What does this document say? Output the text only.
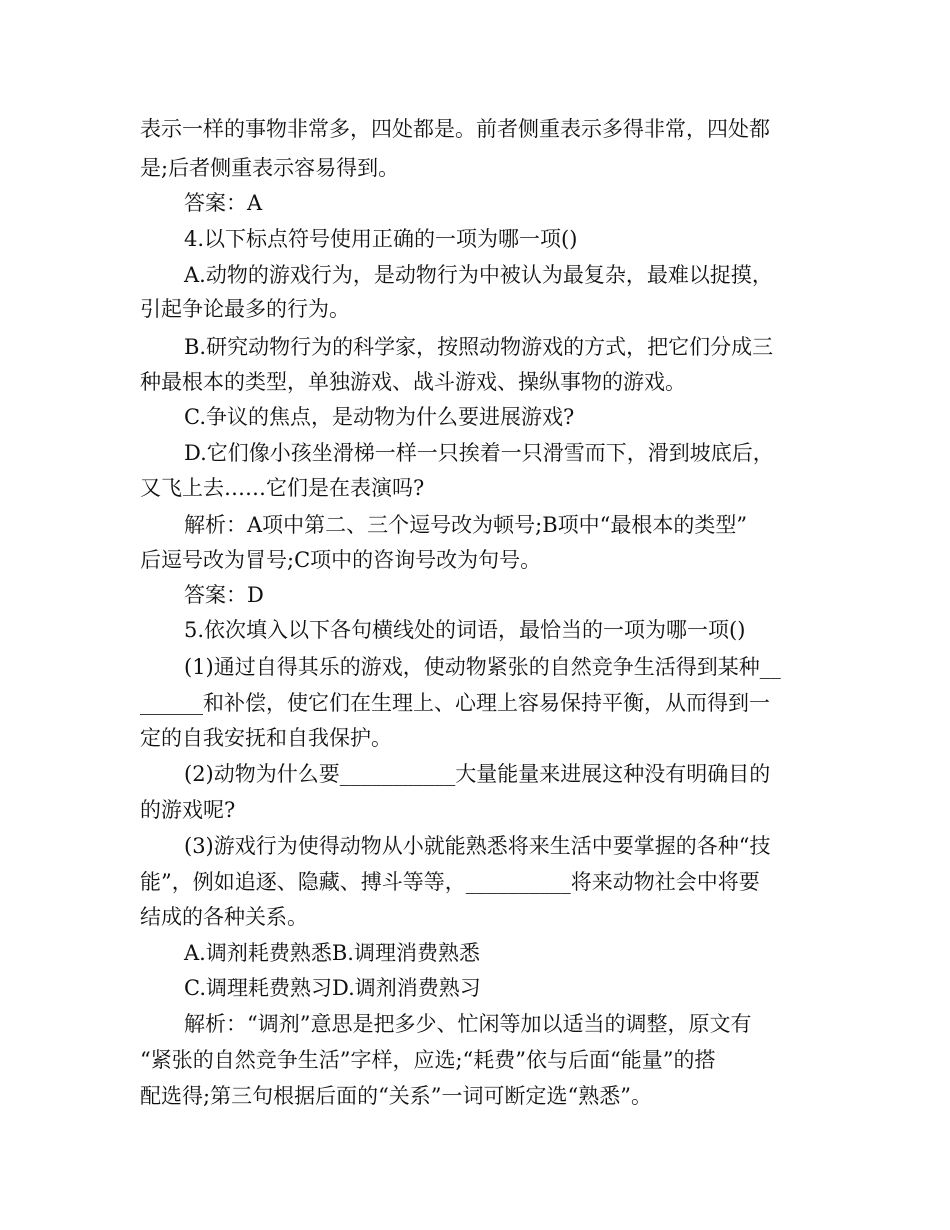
表示一样的事物非常多，四处都是。前者侧重表示多得非常，四处都
是;后者侧重表示容易得到。
答案：A
4.以下标点符号使用正确的一项为哪一项()
A.动物的游戏行为，是动物行为中被认为最复杂，最难以捉摸，
引起争论最多的行为。
B.研究动物行为的科学家，按照动物游戏的方式，把它们分成三
种最根本的类型，单独游戏、战斗游戏、操纵事物的游戏。
C.争议的焦点，是动物为什么要进展游戏?
D.它们像小孩坐滑梯一样一只挨着一只滑雪而下，滑到坡底后，
又飞上去……它们是在表演吗?
解析：A项中第二、三个逗号改为顿号;B项中“最根本的类型”
后逗号改为冒号;C项中的咨询号改为句号。
答案：D
5.依次填入以下各句横线处的词语，最恰当的一项为哪一项()
(1)通过自得其乐的游戏，使动物紧张的自然竞争生活得到某种__
______和补偿，使它们在生理上、心理上容易保持平衡，从而得到一
定的自我安抚和自我保护。
(2)动物为什么要___________大量能量来进展这种没有明确目的
的游戏呢?
(3)游戏行为使得动物从小就能熟悉将来生活中要掌握的各种“技
能”，例如追逐、隐藏、搏斗等等，__________将来动物社会中将要
结成的各种关系。
A.调剂耗费熟悉B.调理消费熟悉
C.调理耗费熟习D.调剂消费熟习
解析：“调剂”意思是把多少、忙闲等加以适当的调整，原文有
“紧张的自然竞争生活”字样，应选;“耗费”依与后面“能量”的搭
配选得;第三句根据后面的“关系”一词可断定选“熟悉”。
